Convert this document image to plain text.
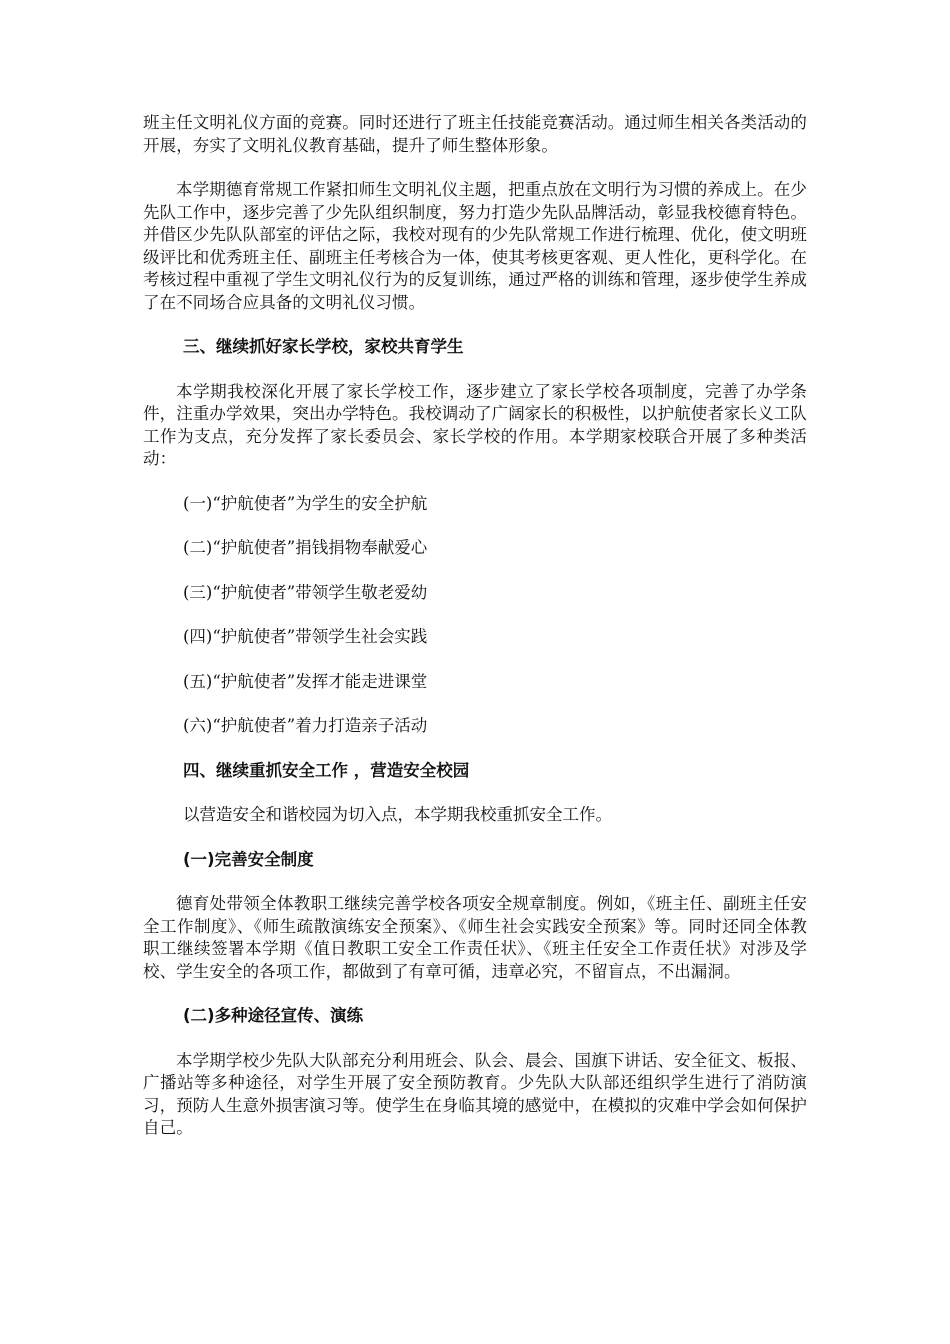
班主任文明礼仪方面的竞赛。同时还进行了班主任技能竞赛活动。通过师生相关各类活动的开展，夯实了文明礼仪教育基础，提升了师生整体形象。

本学期德育常规工作紧扣师生文明礼仪主题，把重点放在文明行为习惯的养成上。在少先队工作中，逐步完善了少先队组织制度，努力打造少先队品牌活动，彰显我校德育特色。并借区少先队队部室的评估之际，我校对现有的少先队常规工作进行梳理、优化，使文明班级评比和优秀班主任、副班主任考核合为一体，使其考核更客观、更人性化，更科学化。在考核过程中重视了学生文明礼仪行为的反复训练，通过严格的训练和管理，逐步使学生养成了在不同场合应具备的文明礼仪习惯。

三、继续抓好家长学校，家校共育学生

本学期我校深化开展了家长学校工作，逐步建立了家长学校各项制度，完善了办学条件，注重办学效果，突出办学特色。我校调动了广阔家长的积极性，以护航使者家长义工队工作为支点，充分发挥了家长委员会、家长学校的作用。本学期家校联合开展了多种类活动：

(一)“护航使者”为学生的安全护航

(二)“护航使者”捐钱捐物奉献爱心

(三)“护航使者”带领学生敬老爱幼

(四)“护航使者”带领学生社会实践

(五)“护航使者”发挥才能走进课堂

(六)“护航使者”着力打造亲子活动

四、继续重抓安全工作 ，营造安全校园

以营造安全和谐校园为切入点，本学期我校重抓安全工作。

(一)完善安全制度

德育处带领全体教职工继续完善学校各项安全规章制度。例如，《班主任、副班主任安全工作制度》、《师生疏散演练安全预案》、《师生社会实践安全预案》等。同时还同全体教职工继续签署本学期《值日教职工安全工作责任状》、《班主任安全工作责任状》对涉及学校、学生安全的各项工作，都做到了有章可循，违章必究，不留盲点，不出漏洞。

(二)多种途径宣传、演练

本学期学校少先队大队部充分利用班会、队会、晨会、国旗下讲话、安全征文、板报、广播站等多种途径，对学生开展了安全预防教育。少先队大队部还组织学生进行了消防演习，预防人生意外损害演习等。使学生在身临其境的感觉中，在模拟的灾难中学会如何保护自己。
